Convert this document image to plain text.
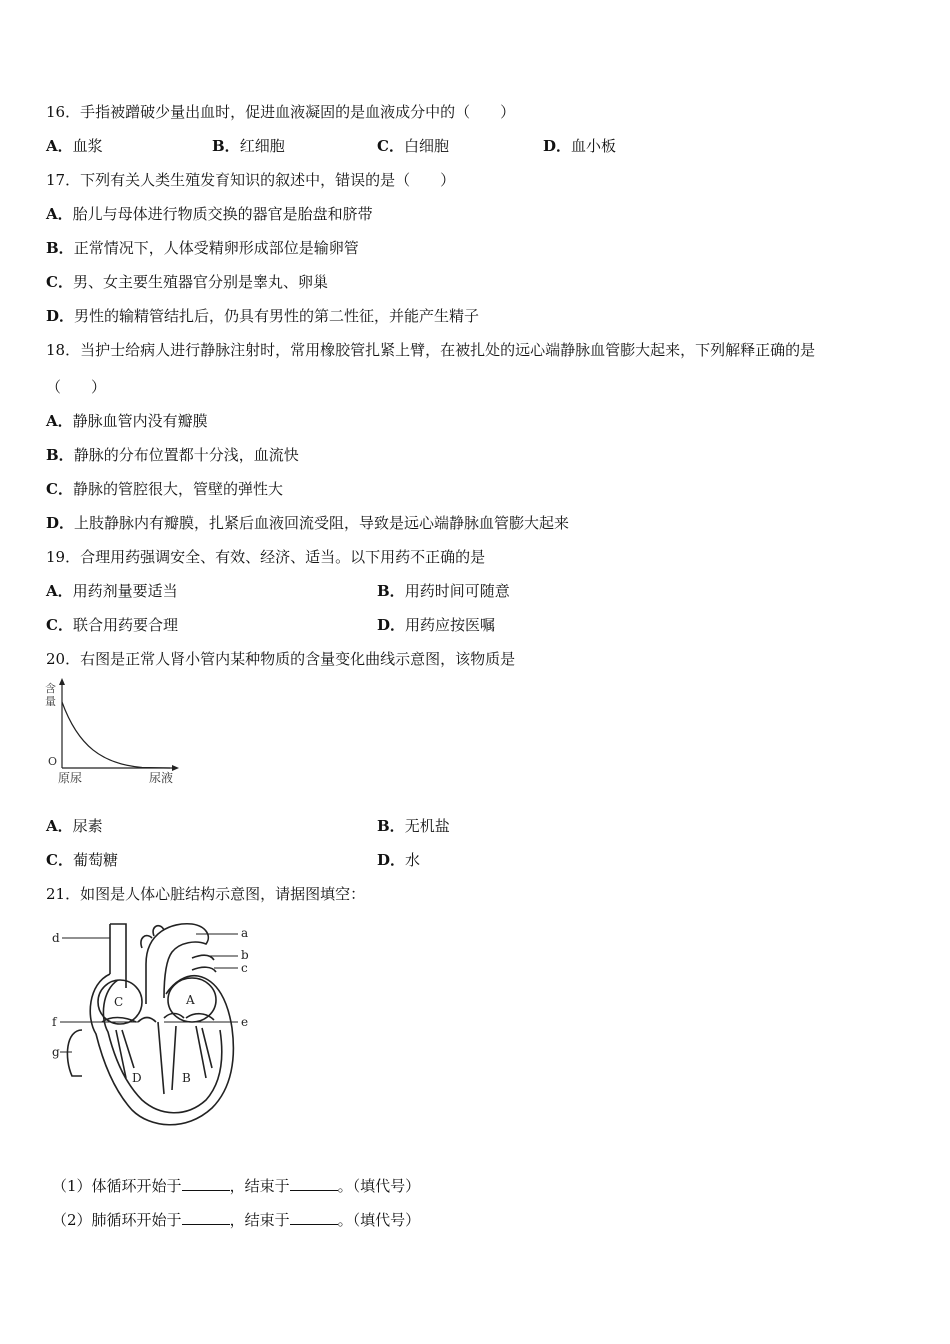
16．手指被蹭破少量出血时，促进血液凝固的是血液成分中的（　　）
A．血浆	B．红细胞	C．白细胞	D．血小板
17．下列有关人类生殖发育知识的叙述中，错误的是（　　）
A．胎儿与母体进行物质交换的器官是胎盘和脐带
B．正常情况下，人体受精卵形成部位是输卵管
C．男、女主要生殖器官分别是睾丸、卵巢
D．男性的输精管结扎后，仍具有男性的第二性征，并能产生精子
18．当护士给病人进行静脉注射时，常用橡胶管扎紧上臂，在被扎处的远心端静脉血管膨大起来，下列解释正确的是
（　　）
A．静脉血管内没有瓣膜
B．静脉的分布位置都十分浅，血流快
C．静脉的管腔很大，管壁的弹性大
D．上肢静脉内有瓣膜，扎紧后血液回流受阻，导致是远心端静脉血管膨大起来
19．合理用药强调安全、有效、经济、适当。以下用药不正确的是
A．用药剂量要适当	B．用药时间可随意
C．联合用药要合理	D．用药应按医嘱
20．右图是正常人肾小管内某种物质的含量变化曲线示意图，该物质是
含
量
O
原尿	尿液
A．尿素	B．无机盐
C．葡萄糖	D．水
21．如图是人体心脏结构示意图，请据图填空：
d	a
b
c
f	e
g
C	A
D	B
（1）体循环开始于	，结束于	。（填代号）
（2）肺循环开始于	，结束于	。（填代号）
